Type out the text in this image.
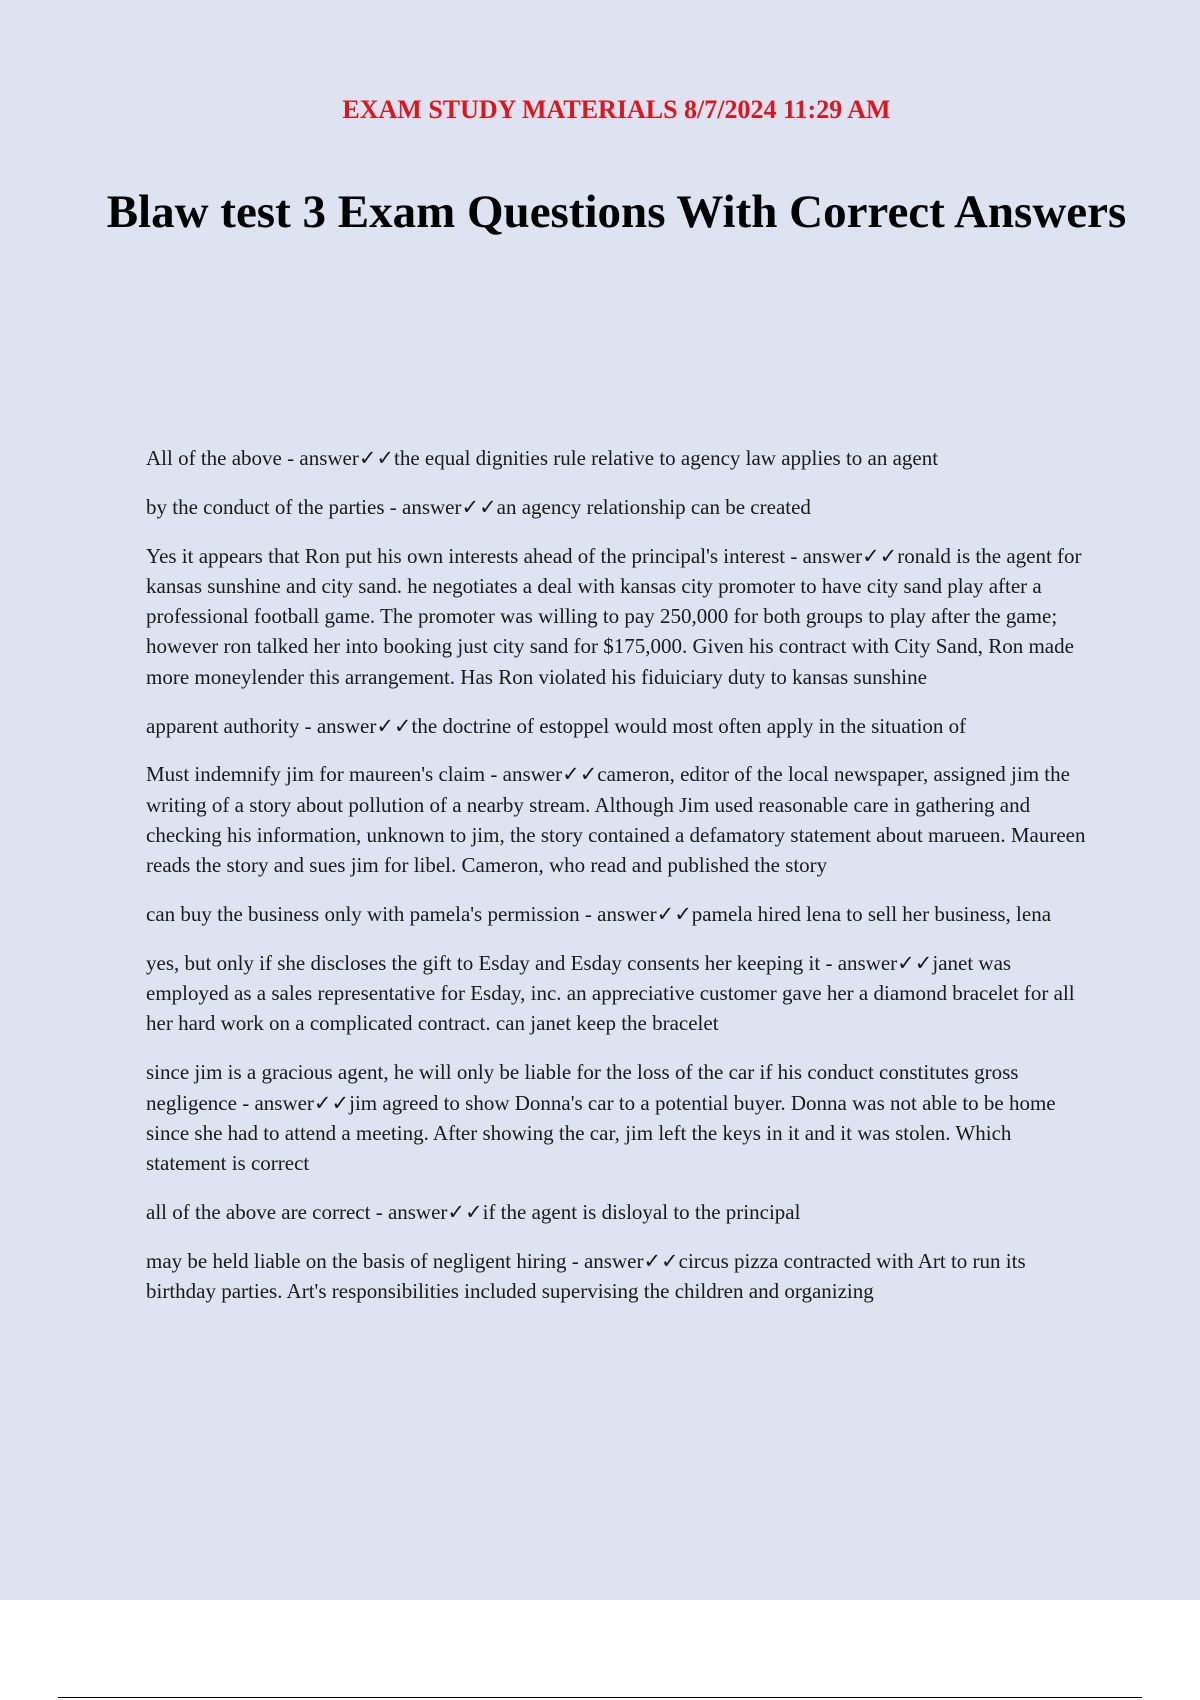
EXAM STUDY MATERIALS 8/7/2024 11:29 AM
Blaw test 3 Exam Questions With Correct Answers
All of the above - answer✓✓the equal dignities rule relative to agency law applies to an agent
by the conduct of the parties - answer✓✓an agency relationship can be created
Yes it appears that Ron put his own interests ahead of the principal's interest - answer✓✓ronald is the agent for kansas sunshine and city sand. he negotiates a deal with kansas city promoter to have city sand play after a professional football game. The promoter was willing to pay 250,000 for both groups to play after the game; however ron talked her into booking just city sand for $175,000. Given his contract with City Sand, Ron made more moneylender this arrangement. Has Ron violated his fiduiciary duty to kansas sunshine
apparent authority - answer✓✓the doctrine of estoppel would most often apply in the situation of
Must indemnify jim for maureen's claim - answer✓✓cameron, editor of the local newspaper, assigned jim the writing of a story about pollution of a nearby stream. Although Jim used reasonable care in gathering and checking his information, unknown to jim, the story contained a defamatory statement about marueen. Maureen reads the story and sues jim for libel. Cameron, who read and published the story
can buy the business only with pamela's permission - answer✓✓pamela hired lena to sell her business, lena
yes, but only if she discloses the gift to Esday and Esday consents her keeping it - answer✓✓janet was employed as a sales representative for Esday, inc. an appreciative customer gave her a diamond bracelet for all her hard work on a complicated contract. can janet keep the bracelet
since jim is a gracious agent, he will only be liable for the loss of the car if his conduct constitutes gross negligence - answer✓✓jim agreed to show Donna's car to a potential buyer. Donna was not able to be home since she had to attend a meeting. After showing the car, jim left the keys in it and it was stolen. Which statement is correct
all of the above are correct - answer✓✓if the agent is disloyal to the principal
may be held liable on the basis of negligent hiring - answer✓✓circus pizza contracted with Art to run its birthday parties. Art's responsibilities included supervising the children and organizing
